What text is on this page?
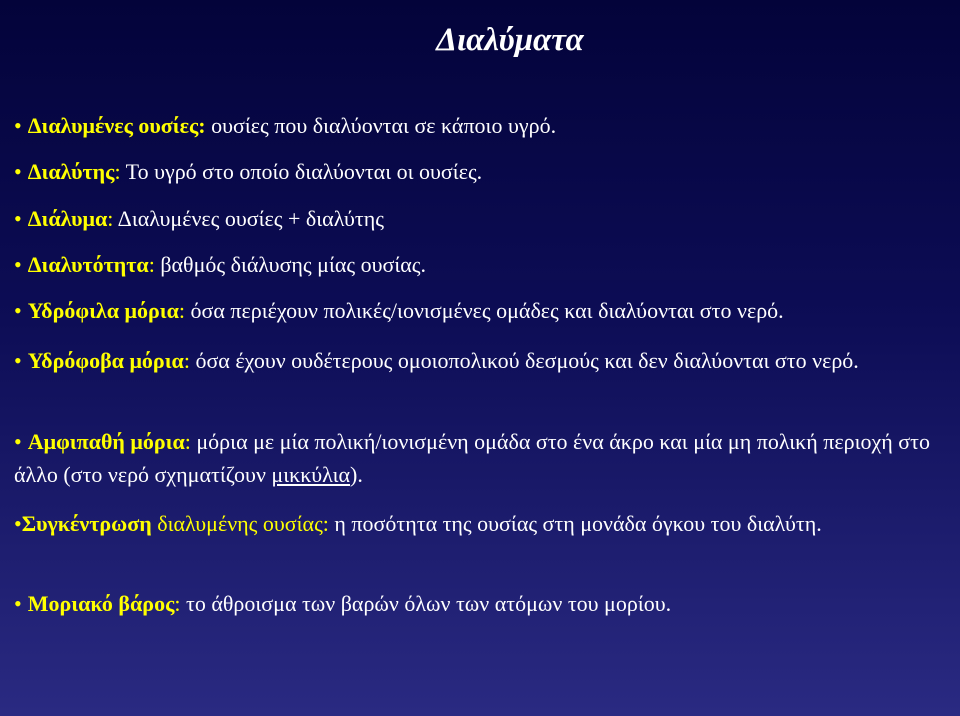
Διαλύματα
• Διαλυμένες ουσίες: ουσίες που διαλύονται σε κάποιο υγρό.
• Διαλύτης: Το υγρό στο οποίο διαλύονται οι ουσίες.
• Διάλυμα: Διαλυμένες ουσίες + διαλύτης
• Διαλυτότητα: βαθμός διάλυσης μίας ουσίας.
• Υδρόφιλα μόρια: όσα περιέχουν πολικές/ιονισμένες ομάδες και διαλύονται στο νερό.
• Υδρόφοβα μόρια: όσα έχουν ουδέτερους ομοιοπολικού δεσμούς και δεν διαλύονται στο νερό.
• Αμφιπαθή μόρια: μόρια με μία πολική/ιονισμένη ομάδα στο ένα άκρο και μία μη πολική περιοχή στο άλλο (στο νερό σχηματίζουν μικκύλια).
•Συγκέντρωση διαλυμένης ουσίας: η ποσότητα της ουσίας στη μονάδα όγκου του διαλύτη.
• Μοριακό βάρος: το άθροισμα των βαρών όλων των ατόμων του μορίου.
